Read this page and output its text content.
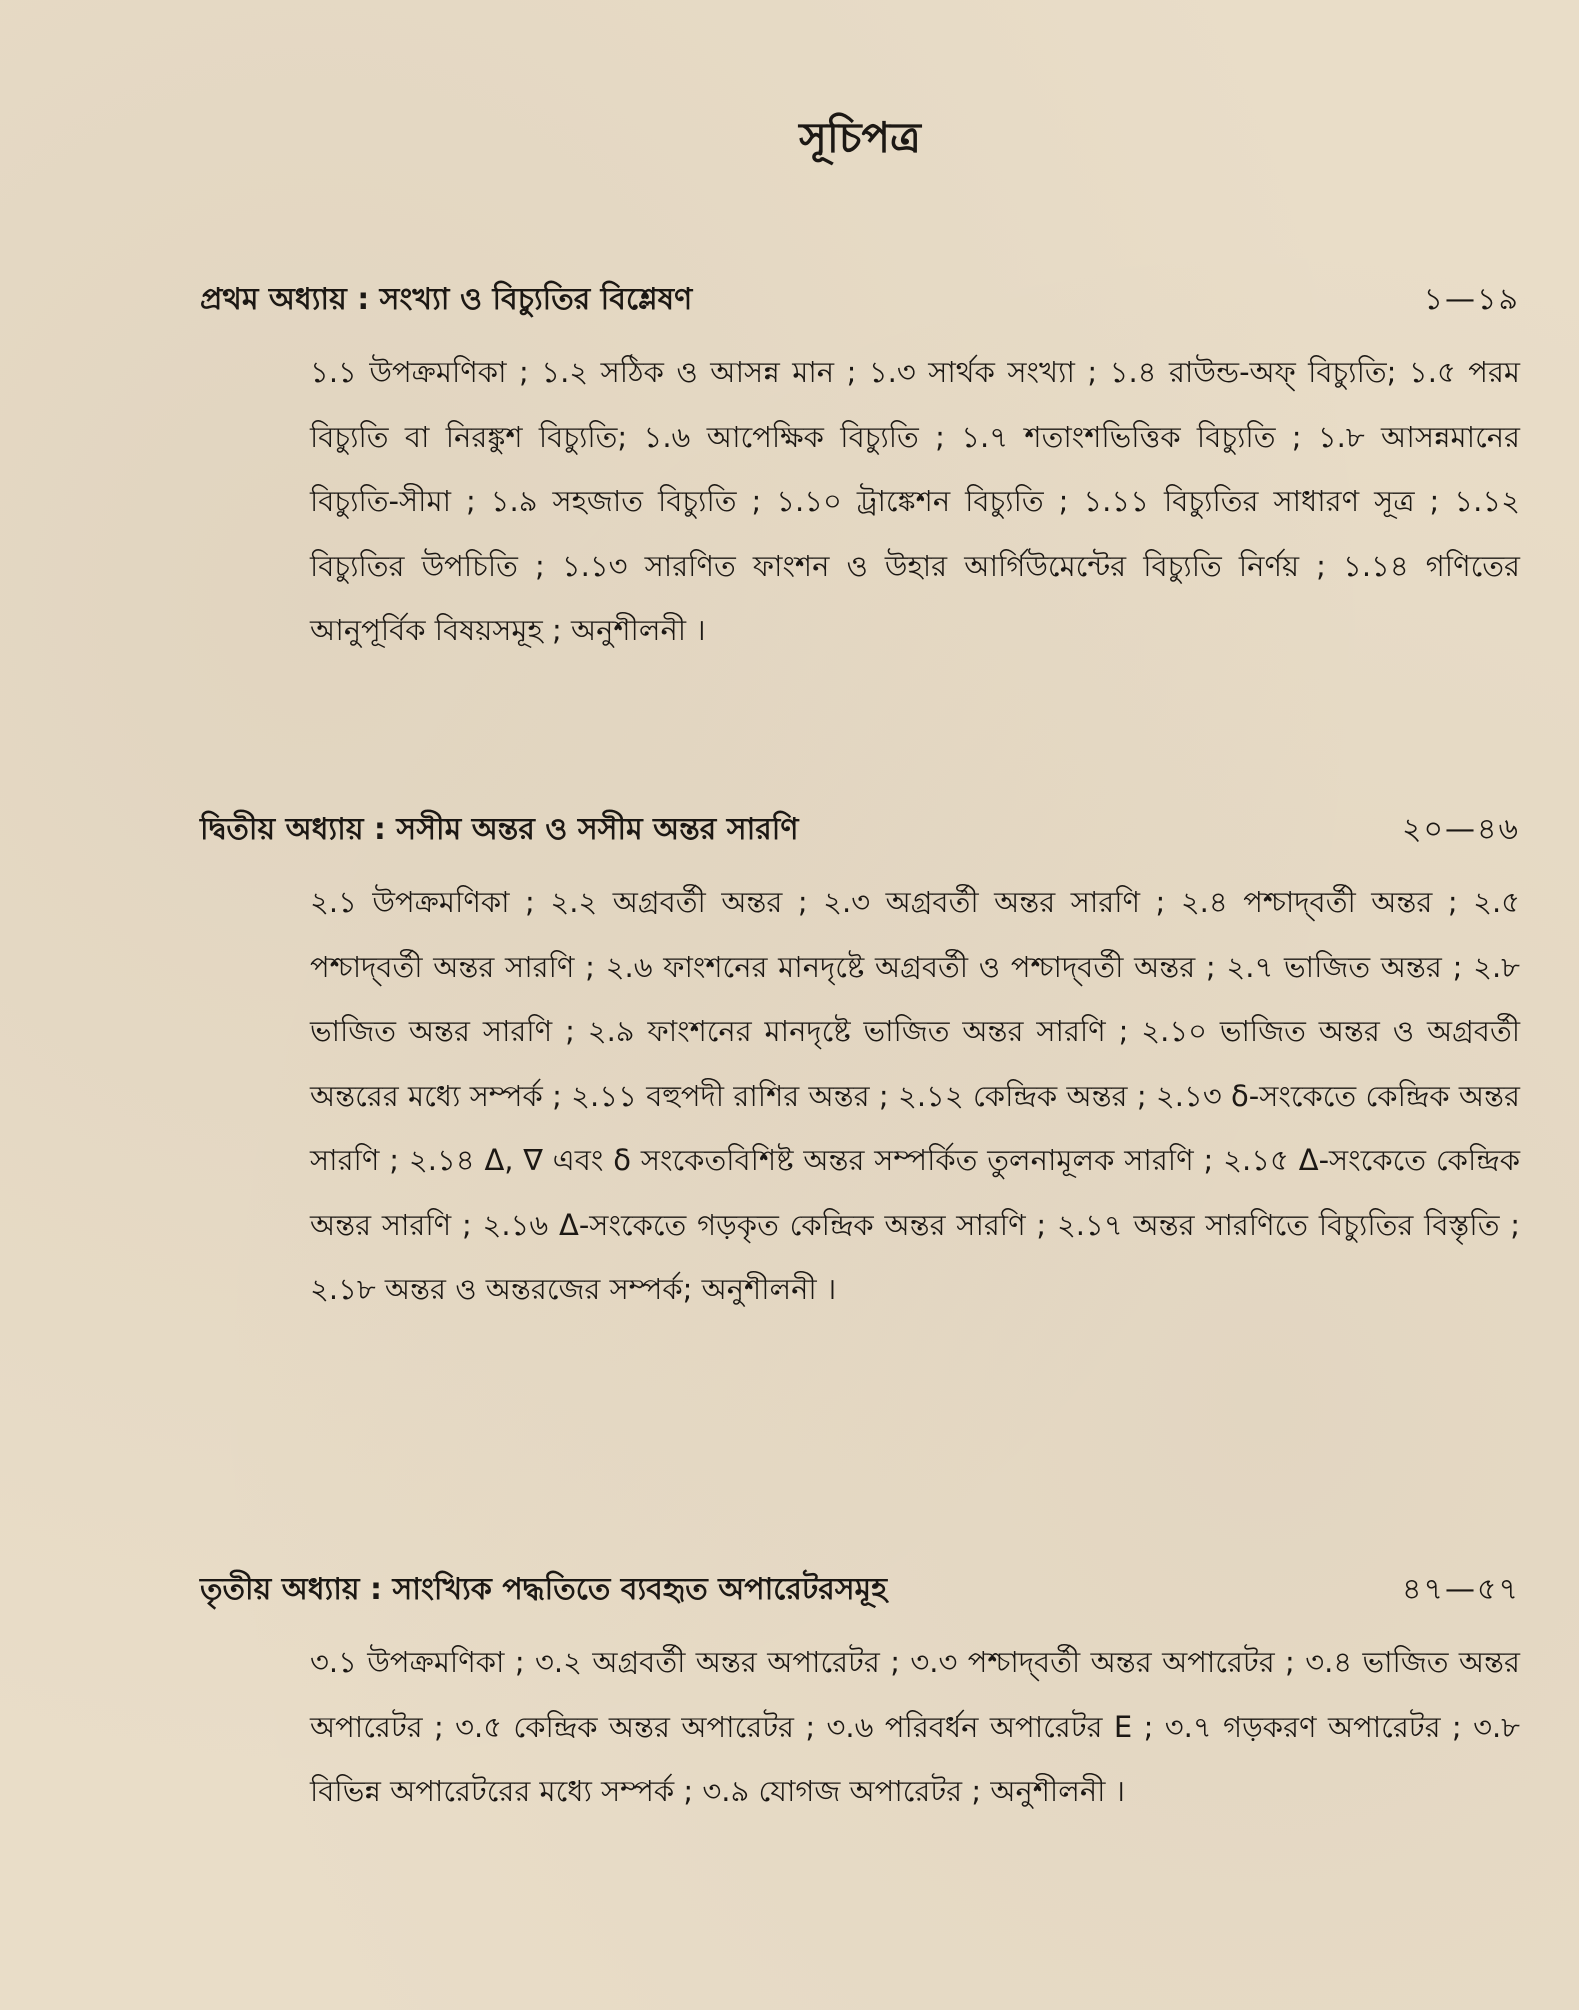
সূচিপত্র
প্রথম অধ্যায় : সংখ্যা ও বিচ্যুতির বিশ্লেষণ	১—১৯
১.১ উপক্রমণিকা ; ১.২ সঠিক ও আসন্ন মান ; ১.৩ সার্থক সংখ্যা ; ১.৪ রাউন্ড-অফ্ বিচ্যুতি; ১.৫ পরম বিচ্যুতি বা নিরঙ্কুশ বিচ্যুতি; ১.৬ আপেক্ষিক বিচ্যুতি ; ১.৭ শতাংশভিত্তিক বিচ্যুতি ; ১.৮ আসন্নমানের বিচ্যুতি-সীমা ; ১.৯ সহজাত বিচ্যুতি ; ১.১০ ট্রাঙ্কেশন বিচ্যুতি ; ১.১১ বিচ্যুতির সাধারণ সূত্র ; ১.১২ বিচ্যুতির উপচিতি ; ১.১৩ সারণিত ফাংশন ও উহার আর্গিউমেন্টের বিচ্যুতি নির্ণয় ; ১.১৪ গণিতের আনুপূর্বিক বিষয়সমূহ ; অনুশীলনী ।
দ্বিতীয় অধ্যায় : সসীম অন্তর ও সসীম অন্তর সারণি	২০—৪৬
২.১ উপক্রমণিকা ; ২.২ অগ্রবর্তী অন্তর ; ২.৩ অগ্রবর্তী অন্তর সারণি ; ২.৪ পশ্চাদ্‌বর্তী অন্তর ; ২.৫ পশ্চাদ্‌বর্তী অন্তর সারণি ; ২.৬ ফাংশনের মানদৃষ্টে অগ্রবর্তী ও পশ্চাদ্‌বর্তী অন্তর ; ২.৭ ভাজিত অন্তর ; ২.৮ ভাজিত অন্তর সারণি ; ২.৯ ফাংশনের মানদৃষ্টে ভাজিত অন্তর সারণি ; ২.১০ ভাজিত অন্তর ও অগ্রবর্তী অন্তরের মধ্যে সম্পর্ক ; ২.১১ বহুপদী রাশির অন্তর ; ২.১২ কেন্দ্রিক অন্তর ; ২.১৩ δ-সংকেতে কেন্দ্রিক অন্তর সারণি ; ২.১৪ Δ, ∇ এবং δ সংকেতবিশিষ্ট অন্তর সম্পর্কিত তুলনামূলক সারণি ; ২.১৫ Δ-সংকেতে কেন্দ্রিক অন্তর সারণি ; ২.১৬ Δ-সংকেতে গড়কৃত কেন্দ্রিক অন্তর সারণি ; ২.১৭ অন্তর সারণিতে বিচ্যুতির বিস্তৃতি ; ২.১৮ অন্তর ও অন্তরজের সম্পর্ক; অনুশীলনী ।
তৃতীয় অধ্যায় : সাংখ্যিক পদ্ধতিতে ব্যবহৃত অপারেটরসমূহ	৪৭—৫৭
৩.১ উপক্রমণিকা ; ৩.২ অগ্রবর্তী অন্তর অপারেটর ; ৩.৩ পশ্চাদ্‌বর্তী অন্তর অপারেটর ; ৩.৪ ভাজিত অন্তর অপারেটর ; ৩.৫ কেন্দ্রিক অন্তর অপারেটর ; ৩.৬ পরিবর্ধন অপারেটর E ; ৩.৭ গড়করণ অপারেটর ; ৩.৮ বিভিন্ন অপারেটরের মধ্যে সম্পর্ক ; ৩.৯ যোগজ অপারেটর ; অনুশীলনী ।
